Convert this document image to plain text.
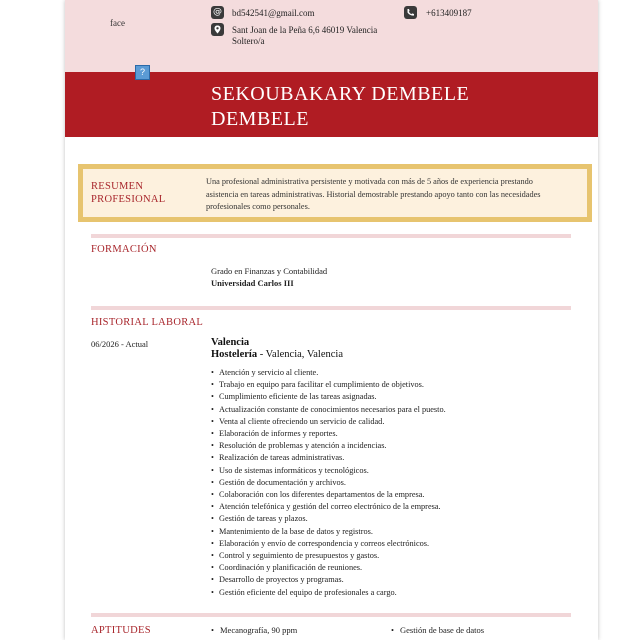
face
@ bd542541@gmail.com	+613409187
Sant Joan de la Peña 6,6 46019 Valencia
Soltero/a
?
SEKOUBAKARY DEMBELE
DEMBELE
RESUMEN
PROFESIONAL
Una profesional administrativa persistente y motivada con más de 5 años de experiencia prestando asistencia en tareas administrativas. Historial demostrable prestando apoyo tanto con las necesidades profesionales como personales.
FORMACIÓN
Grado en Finanzas y Contabilidad
Universidad Carlos III
HISTORIAL LABORAL
06/2026 - Actual	Valencia
Hostelería - Valencia, Valencia
• Atención y servicio al cliente.
• Trabajo en equipo para facilitar el cumplimiento de objetivos.
• Cumplimiento eficiente de las tareas asignadas.
• Actualización constante de conocimientos necesarios para el puesto.
• Venta al cliente ofreciendo un servicio de calidad.
• Elaboración de informes y reportes.
• Resolución de problemas y atención a incidencias.
• Realización de tareas administrativas.
• Uso de sistemas informáticos y tecnológicos.
• Gestión de documentación y archivos.
• Colaboración con los diferentes departamentos de la empresa.
• Atención telefónica y gestión del correo electrónico de la empresa.
• Gestión de tareas y plazos.
• Mantenimiento de la base de datos y registros.
• Elaboración y envío de correspondencia y correos electrónicos.
• Control y seguimiento de presupuestos y gastos.
• Coordinación y planificación de reuniones.
• Desarrollo de proyectos y programas.
• Gestión eficiente del equipo de profesionales a cargo.
APTITUDES	• Mecanografía, 90 ppm	• Gestión de base de datos
